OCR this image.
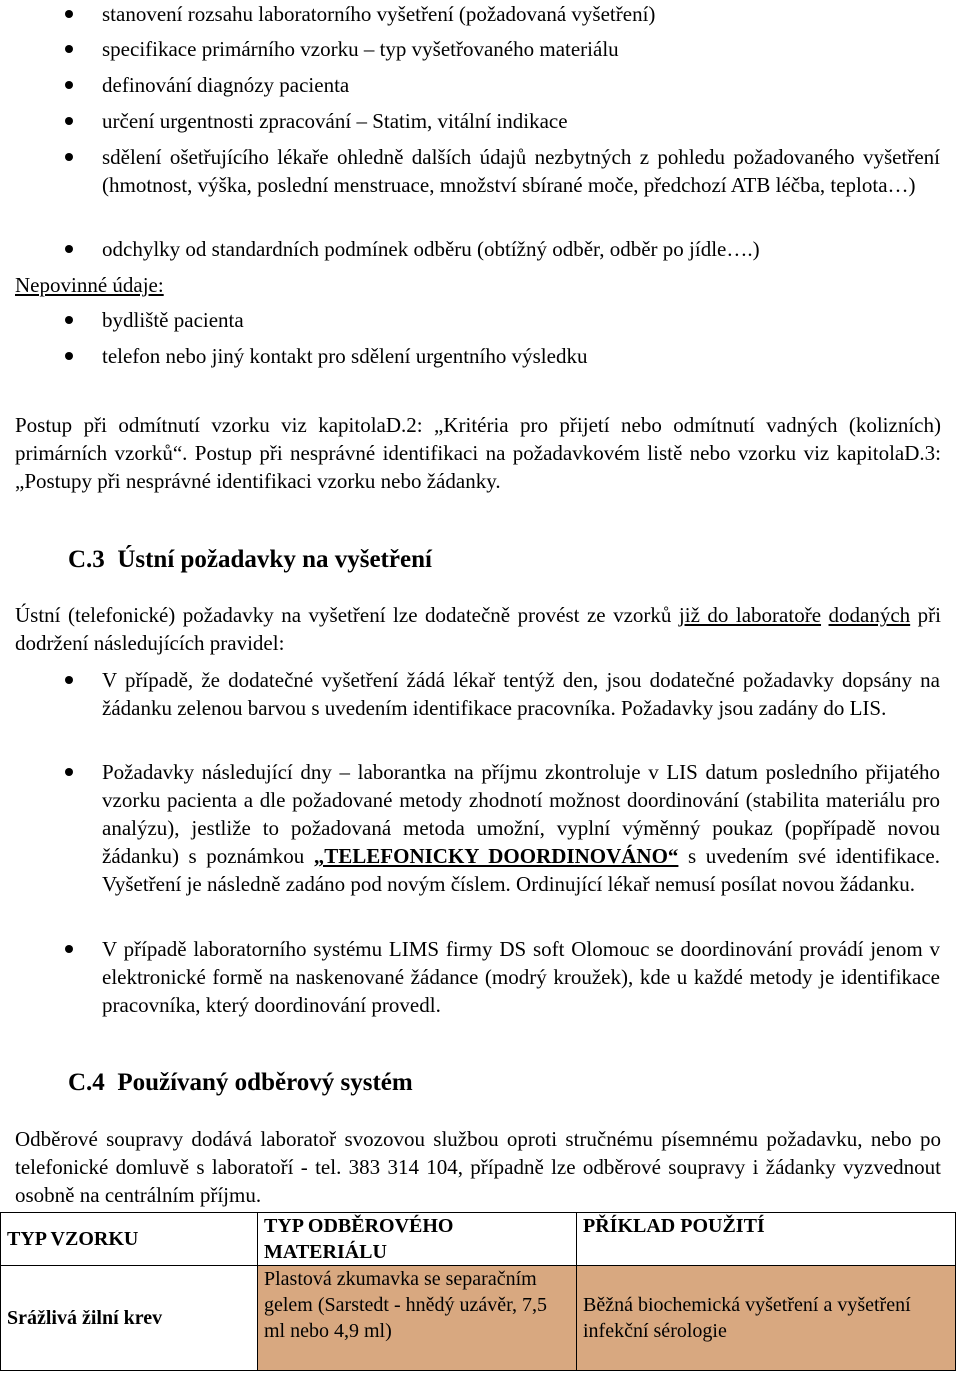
stanovení rozsahu laboratorního vyšetření (požadovaná vyšetření)
specifikace primárního vzorku – typ vyšetřovaného materiálu
definování diagnózy pacienta
určení urgentnosti zpracování – Statim, vitální indikace
sdělení ošetřujícího lékaře ohledně dalších údajů nezbytných z pohledu požadovaného vyšetření (hmotnost, výška, poslední menstruace, množství sbírané moče, předchozí ATB léčba, teplota…)
odchylky od standardních podmínek odběru (obtížný odběr, odběr po jídle….)
Nepovinné údaje:
bydliště pacienta
telefon nebo jiný kontakt pro sdělení urgentního výsledku
Postup při odmítnutí vzorku viz kapitolaD.2: „Kritéria pro přijetí nebo odmítnutí vadných (kolizních) primárních vzorků“. Postup při nesprávné identifikaci na požadavkovém listě nebo vzorku viz kapitolaD.3: „Postupy při nesprávné identifikaci vzorku nebo žádanky.
C.3 Ústní požadavky na vyšetření
Ústní (telefonické) požadavky na vyšetření lze dodatečně provést ze vzorků již do laboratoře dodaných při dodržení následujících pravidel:
V případě, že dodatečné vyšetření žádá lékař tentýž den, jsou dodatečné požadavky dopsány na žádanku zelenou barvou s uvedením identifikace pracovníka. Požadavky jsou zadány do LIS.
Požadavky následující dny – laborantka na příjmu zkontroluje v LIS datum posledního přijatého vzorku pacienta a dle požadované metody zhodnotí možnost doordinování (stabilita materiálu pro analýzu), jestliže to požadovaná metoda umožní, vyplní výměnný poukaz (popřípadě novou žádanku) s poznámkou „TELEFONICKY DOORDINOVÁNO“ s uvedením své identifikace. Vyšetření je následně zadáno pod novým číslem. Ordinující lékař nemusí posílat novou žádanku.
V případě laboratorního systému LIMS firmy DS soft Olomouc se doordinování provádí jenom v elektronické formě na naskenované žádance (modrý kroužek), kde u každé metody je identifikace pracovníka, který doordinování provedl.
C.4 Používaný odběrový systém
Odběrové soupravy dodává laboratoř svozovou službou oproti stručnému písemnému požadavku, nebo po telefonické domluvě s laboratoří - tel. 383 314 104, případně lze odběrové soupravy i žádanky vyzvednout osobně na centrálním příjmu.
TYP VZORKU	TYP ODBĚROVÉHO MATERIÁLU	PŘÍKLAD POUŽITÍ
Srážlivá žilní krev	Plastová zkumavka se separačním gelem (Sarstedt - hnědý uzávěr, 7,5 ml nebo 4,9 ml)	Běžná biochemická vyšetření a vyšetření infekční sérologie
